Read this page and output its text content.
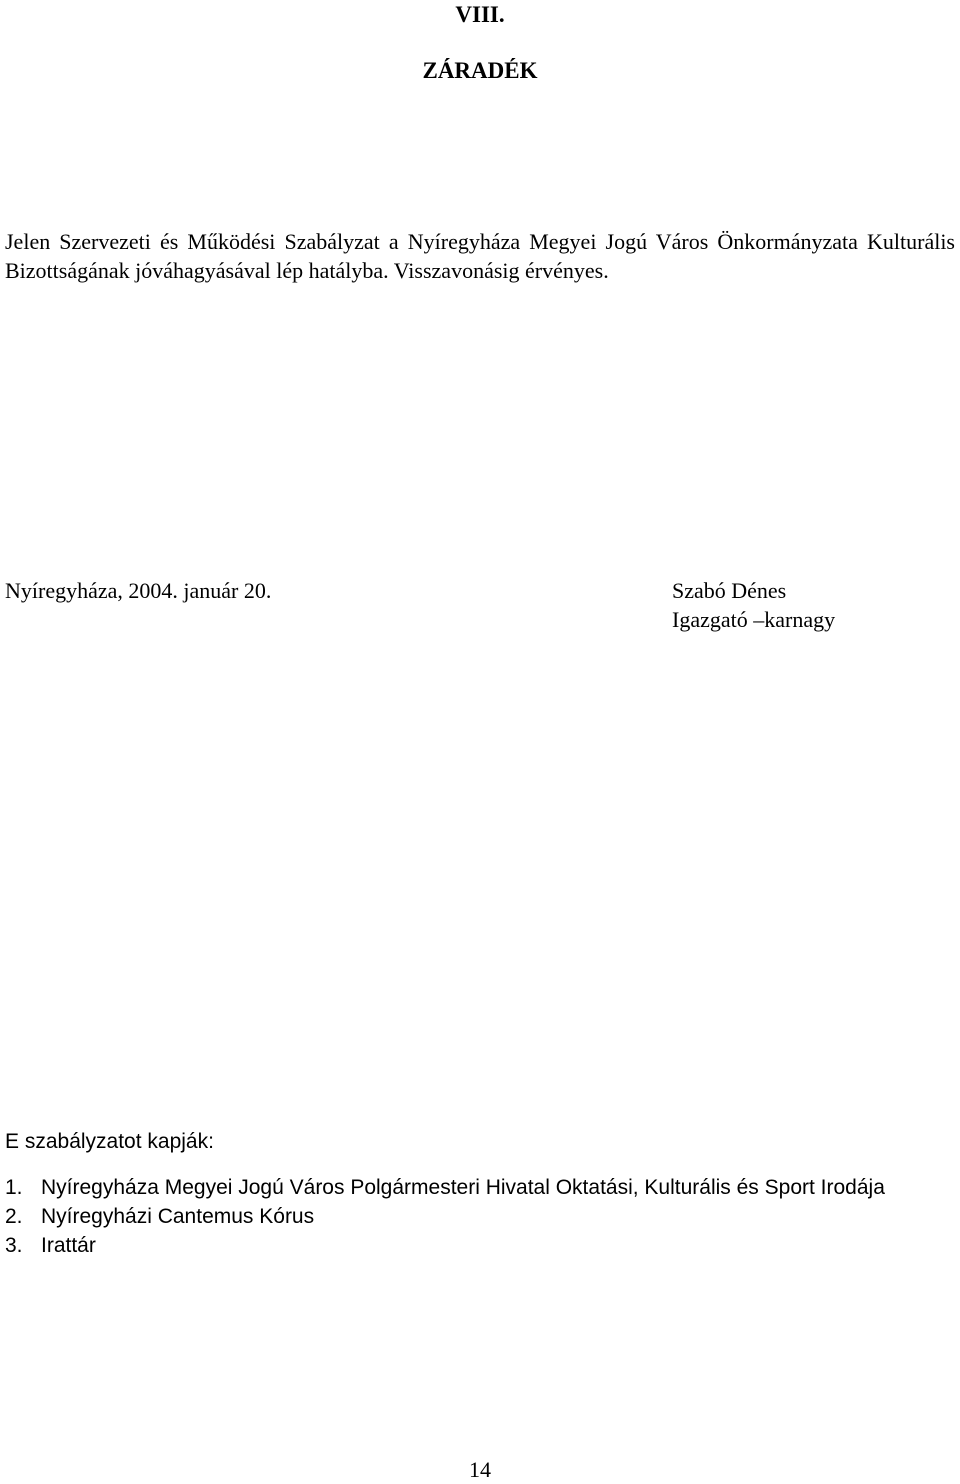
VIII.
ZÁRADÉK

Jelen Szervezeti és Működési Szabályzat a Nyíregyháza Megyei Jogú Város Önkormányzata Kulturális Bizottságának jóváhagyásával lép hatályba. Visszavonásig érvényes.

Nyíregyháza, 2004. január 20.	Szabó Dénes
Igazgató –karnagy
E szabályzatot kapják:
1. Nyíregyháza Megyei Jogú Város Polgármesteri Hivatal Oktatási, Kulturális és Sport Irodája
2. Nyíregyházi Cantemus Kórus
3. Irattár
14
